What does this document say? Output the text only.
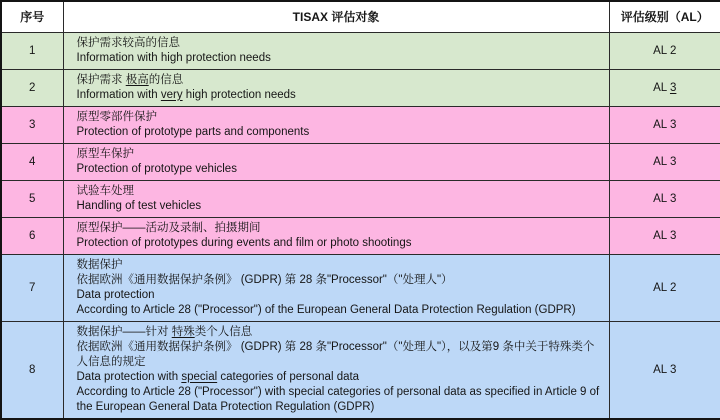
序号	TISAX 评估对象	评估级别（AL）
1	保护需求较高的信息
Information with high protection needs	AL 2
2	保护需求 极高的信息
Information with very high protection needs	AL 3
3	原型零部件保护
Protection of prototype parts and components	AL 3
4	原型车保护
Protection of prototype vehicles	AL 3
5	试验车处理
Handling of test vehicles	AL 3
6	原型保护——活动及录制、拍摄期间
Protection of prototypes during events and film or photo shootings	AL 3
7	数据保护
依据欧洲《通用数据保护条例》 (GDPR) 第 28 条"Processor"（"处理人"）
Data protection
According to Article 28 ("Processor") of the European General Data Protection Regulation (GDPR)	AL 2
8	数据保护——针对 特殊类个人信息
依据欧洲《通用数据保护条例》 (GDPR) 第 28 条"Processor"（"处理人"），以及第9 条中关于特殊类个人信息的规定
Data protection with special categories of personal data
According to Article 28 ("Processor") with special categories of personal data as specified in Article 9 of the European General Data Protection Regulation (GDPR)	AL 3
